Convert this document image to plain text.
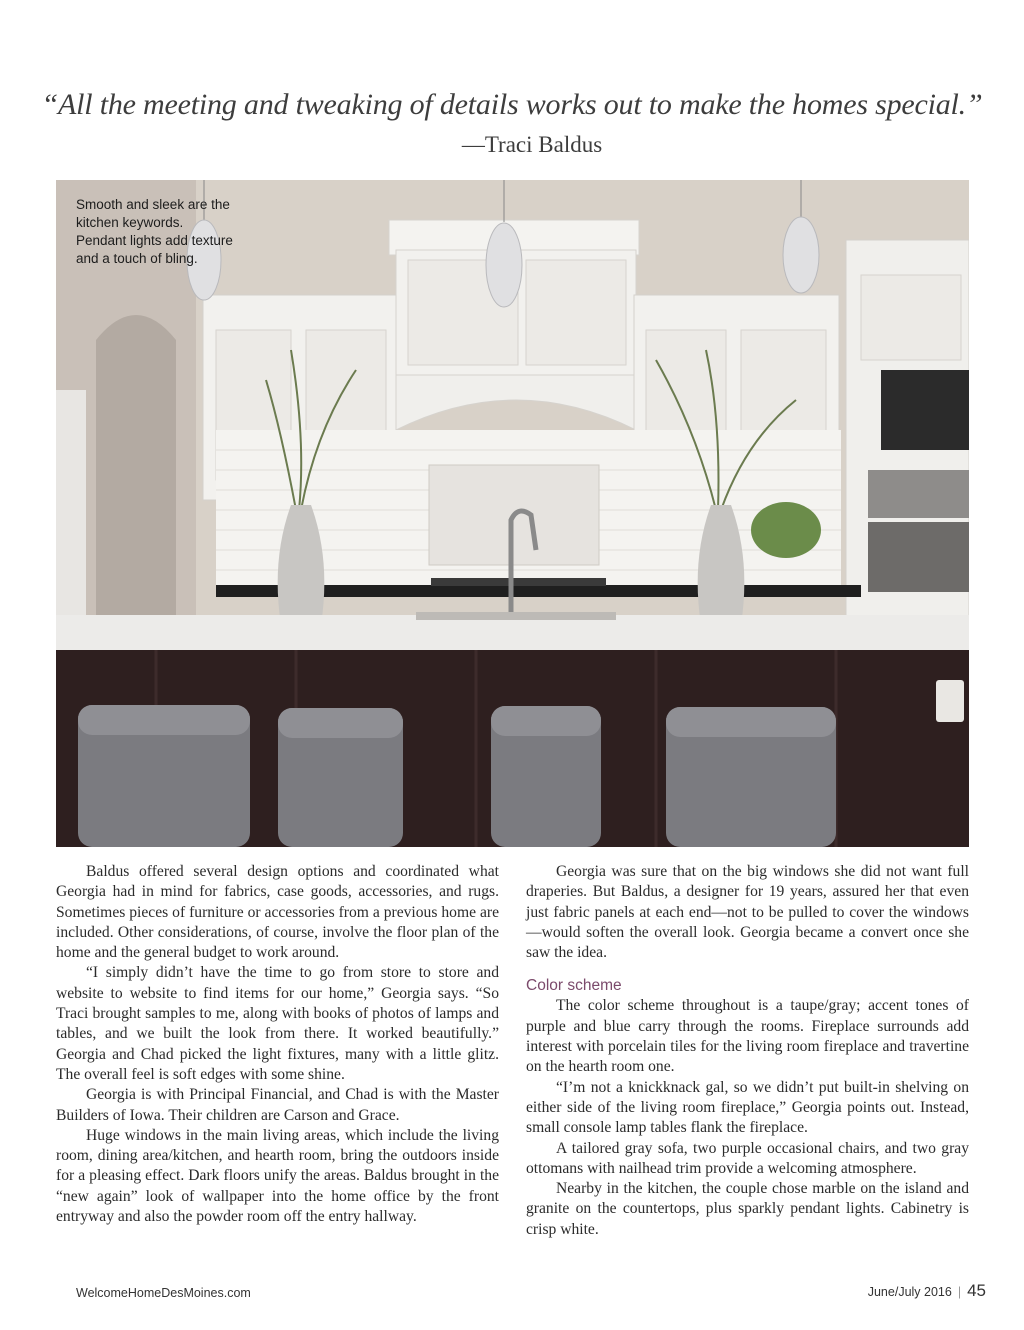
“All the meeting and tweaking of details works out to make the homes special.”
—Traci Baldus
Smooth and sleek are the kitchen keywords. Pendant lights add texture and a touch of bling.

Baldus offered several design options and coordinated what Georgia had in mind for fabrics, case goods, accessories, and rugs. Sometimes pieces of furniture or accessories from a previous home are included. Other considerations, of course, involve the floor plan of the home and the general budget to work around.

“I simply didn’t have the time to go from store to store and website to website to find items for our home,” Georgia says. “So Traci brought samples to me, along with books of photos of lamps and tables, and we built the look from there. It worked beautifully.” Georgia and Chad picked the light fixtures, many with a little glitz. The overall feel is soft edges with some shine.

Georgia is with Principal Financial, and Chad is with the Master Builders of Iowa. Their children are Carson and Grace.

Huge windows in the main living areas, which include the living room, dining area/kitchen, and hearth room, bring the outdoors inside for a pleasing effect. Dark floors unify the areas. Baldus brought in the “new again” look of wallpaper into the home office by the front entryway and also the powder room off the entry hallway.

Georgia was sure that on the big windows she did not want full draperies. But Baldus, a designer for 19 years, assured her that even just fabric panels at each end—not to be pulled to cover the windows—would soften the overall look. Georgia became a convert once she saw the idea.

Color scheme

The color scheme throughout is a taupe/gray; accent tones of purple and blue carry through the rooms. Fireplace surrounds add interest with porcelain tiles for the living room fireplace and travertine on the hearth room one.

“I’m not a knickknack gal, so we didn’t put built-in shelving on either side of the living room fireplace,” Georgia points out. Instead, small console lamp tables flank the fireplace.

A tailored gray sofa, two purple occasional chairs, and two gray ottomans with nailhead trim provide a welcoming atmosphere.

Nearby in the kitchen, the couple chose marble on the island and granite on the countertops, plus sparkly pendant lights. Cabinetry is crisp white.

WelcomeHomeDesMoines.com	June/July 2016 | 45
